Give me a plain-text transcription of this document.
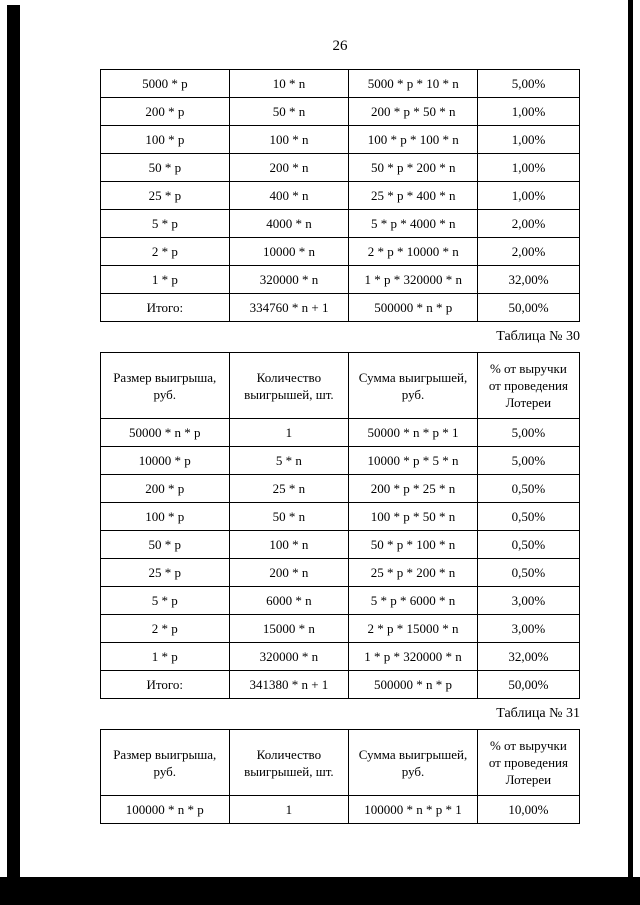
26
5000 * р	10 * n	5000 * р * 10 * n	5,00%
200 * р	50 * n	200 * р * 50 * n	1,00%
100 * р	100 * n	100 * р * 100 * n	1,00%
50 * р	200 * n	50 * р * 200 * n	1,00%
25 * р	400 * n	25 * р * 400 * n	1,00%
5 * р	4000 * n	5 * р * 4000 * n	2,00%
2 * р	10000 * n	2 * р * 10000 * n	2,00%
1 * р	320000 * n	1 * р * 320000 * n	32,00%
Итого:	334760 * n + 1	500000 * n * р	50,00%
Таблица № 30
Размер выигрыша, руб.	Количество выигрышей, шт.	Сумма выигрышей, руб.	% от выручки от проведения Лотереи
50000 * n * р	1	50000 * n * р * 1	5,00%
10000 * р	5 * n	10000 * р * 5 * n	5,00%
200 * р	25 * n	200 * р * 25 * n	0,50%
100 * р	50 * n	100 * р * 50 * n	0,50%
50 * р	100 * n	50 * р * 100 * n	0,50%
25 * р	200 * n	25 * р * 200 * n	0,50%
5 * р	6000 * n	5 * р * 6000 * n	3,00%
2 * р	15000 * n	2 * р * 15000 * n	3,00%
1 * р	320000 * n	1 * р * 320000 * n	32,00%
Итого:	341380 * n + 1	500000 * n * р	50,00%
Таблица № 31
Размер выигрыша, руб.	Количество выигрышей, шт.	Сумма выигрышей, руб.	% от выручки от проведения Лотереи
100000 * n * р	1	100000 * n * р * 1	10,00%
